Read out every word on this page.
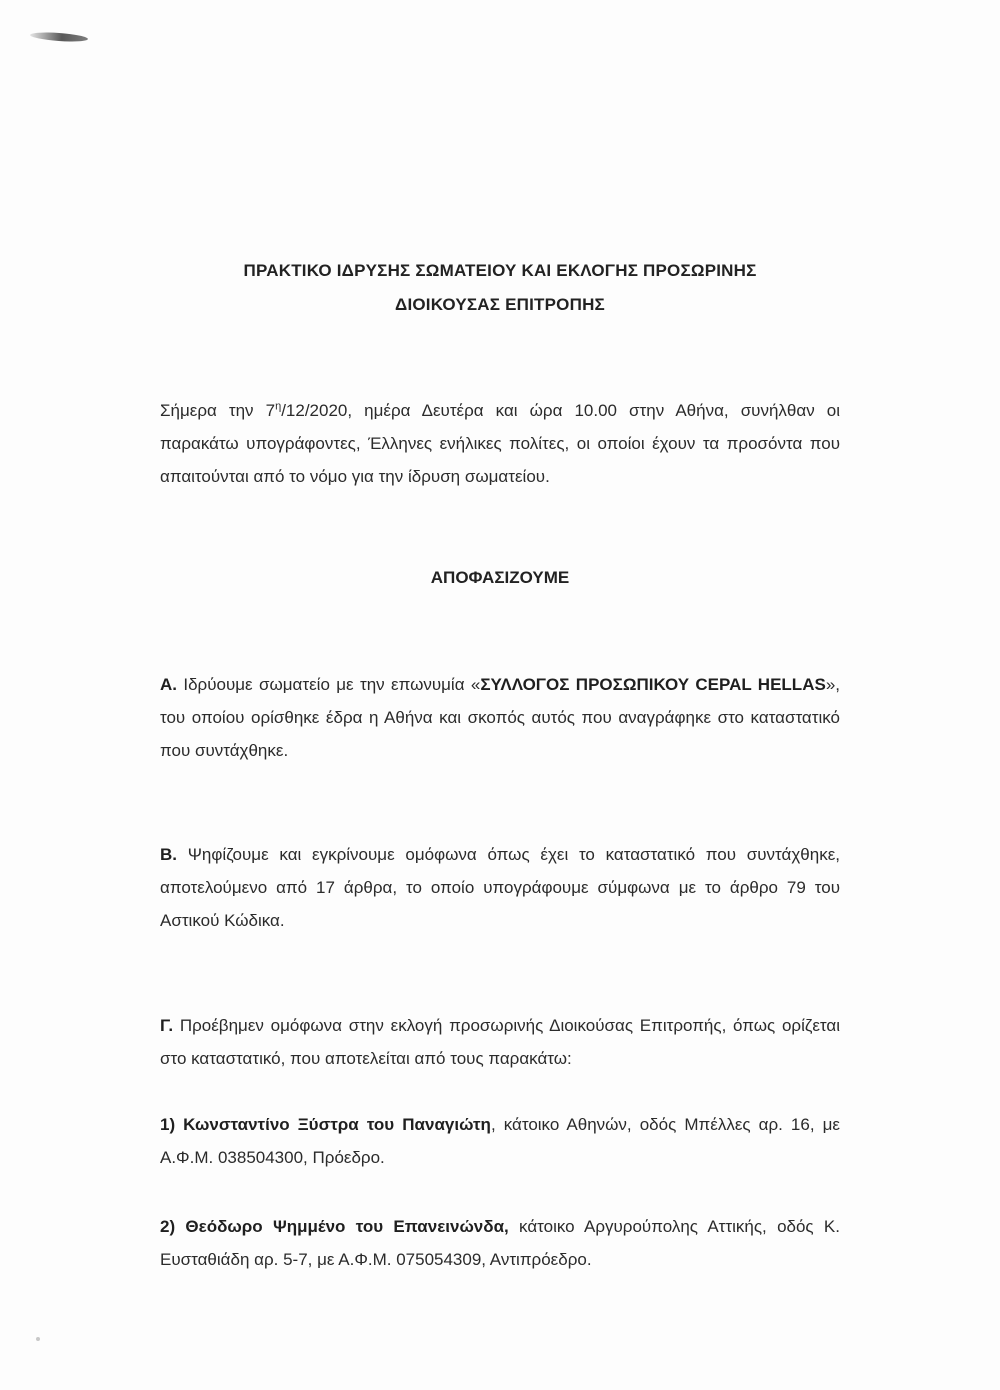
ΠΡΑΚΤΙΚΟ ΙΔΡΥΣΗΣ ΣΩΜΑΤΕΙΟΥ ΚΑΙ ΕΚΛΟΓΗΣ ΠΡΟΣΩΡΙΝΗΣ
ΔΙΟΙΚΟΥΣΑΣ ΕΠΙΤΡΟΠΗΣ
Σήμερα την $7^\eta/12/2020$, ημέρα Δευτέρα και ώρα 10.00 στην Αθήνα, συνήλθαν οι παρακάτω υπογράφοντες, Έλληνες ενήλικες πολίτες, οι οποίοι έχουν τα προσόντα που απαιτούνται από το νόμο για την ίδρυση σωματείου.
ΑΠΟΦΑΣΙΖΟΥΜΕ
Α. Ιδρύουμε σωματείο με την επωνυμία «ΣΥΛΛΟΓΟΣ ΠΡΟΣΩΠΙΚΟΥ CEPAL HELLAS», του οποίου ορίσθηκε έδρα η Αθήνα και σκοπός αυτός που αναγράφηκε στο καταστατικό που συντάχθηκε.
Β. Ψηφίζουμε και εγκρίνουμε ομόφωνα όπως έχει το καταστατικό που συντάχθηκε, αποτελούμενο από 17 άρθρα, το οποίο υπογράφουμε σύμφωνα με το άρθρο 79 του Αστικού Κώδικα.
Γ. Προέβημεν ομόφωνα στην εκλογή προσωρινής Διοικούσας Επιτροπής, όπως ορίζεται στο καταστατικό, που αποτελείται από τους παρακάτω:
1) Κωνσταντίνο Ξύστρα του Παναγιώτη, κάτοικο Αθηνών, οδός Μπέλλες αρ. 16, με Α.Φ.Μ. 038504300, Πρόεδρο.
2) Θεόδωρο Ψημμένο του Επανεινώνδα, κάτοικο Αργυρούπολης Αττικής, οδός Κ. Ευσταθιάδη αρ. 5-7, με Α.Φ.Μ. 075054309, Αντιπρόεδρο.
